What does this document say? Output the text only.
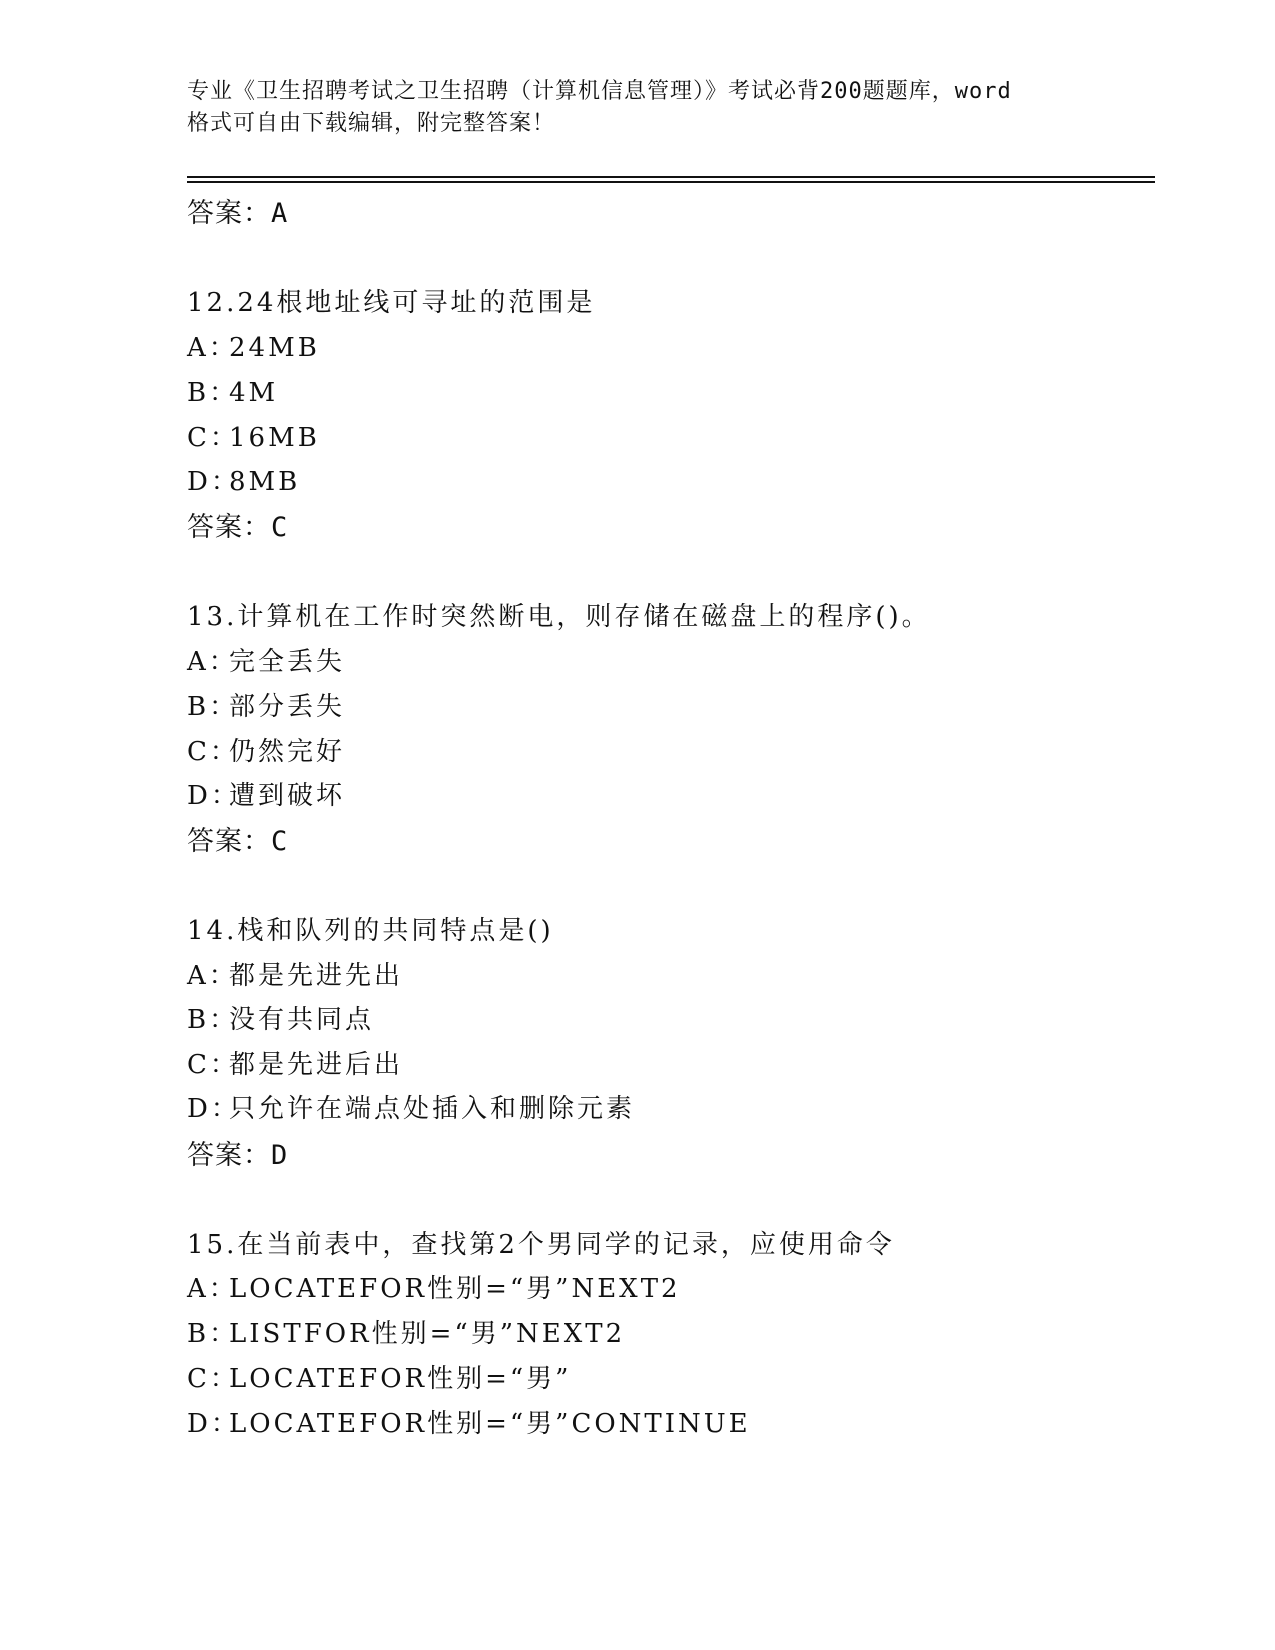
专业《卫生招聘考试之卫生招聘（计算机信息管理）》考试必背200题题库，word
格式可自由下载编辑，附完整答案！
答案：A
12.24根地址线可寻址的范围是
A：24MB
B：4M
C：16MB
D：8MB
答案：C
13.计算机在工作时突然断电，则存储在磁盘上的程序()。
A：完全丢失
B：部分丢失
C：仍然完好
D：遭到破坏
答案：C
14.栈和队列的共同特点是()
A：都是先进先出
B：没有共同点
C：都是先进后出
D：只允许在端点处插入和删除元素
答案：D
15.在当前表中，查找第2个男同学的记录，应使用命令
A：LOCATEFOR性别=“男”NEXT2
B：LISTFOR性别=“男”NEXT2
C：LOCATEFOR性别=“男”
D：LOCATEFOR性别=“男”CONTINUE
